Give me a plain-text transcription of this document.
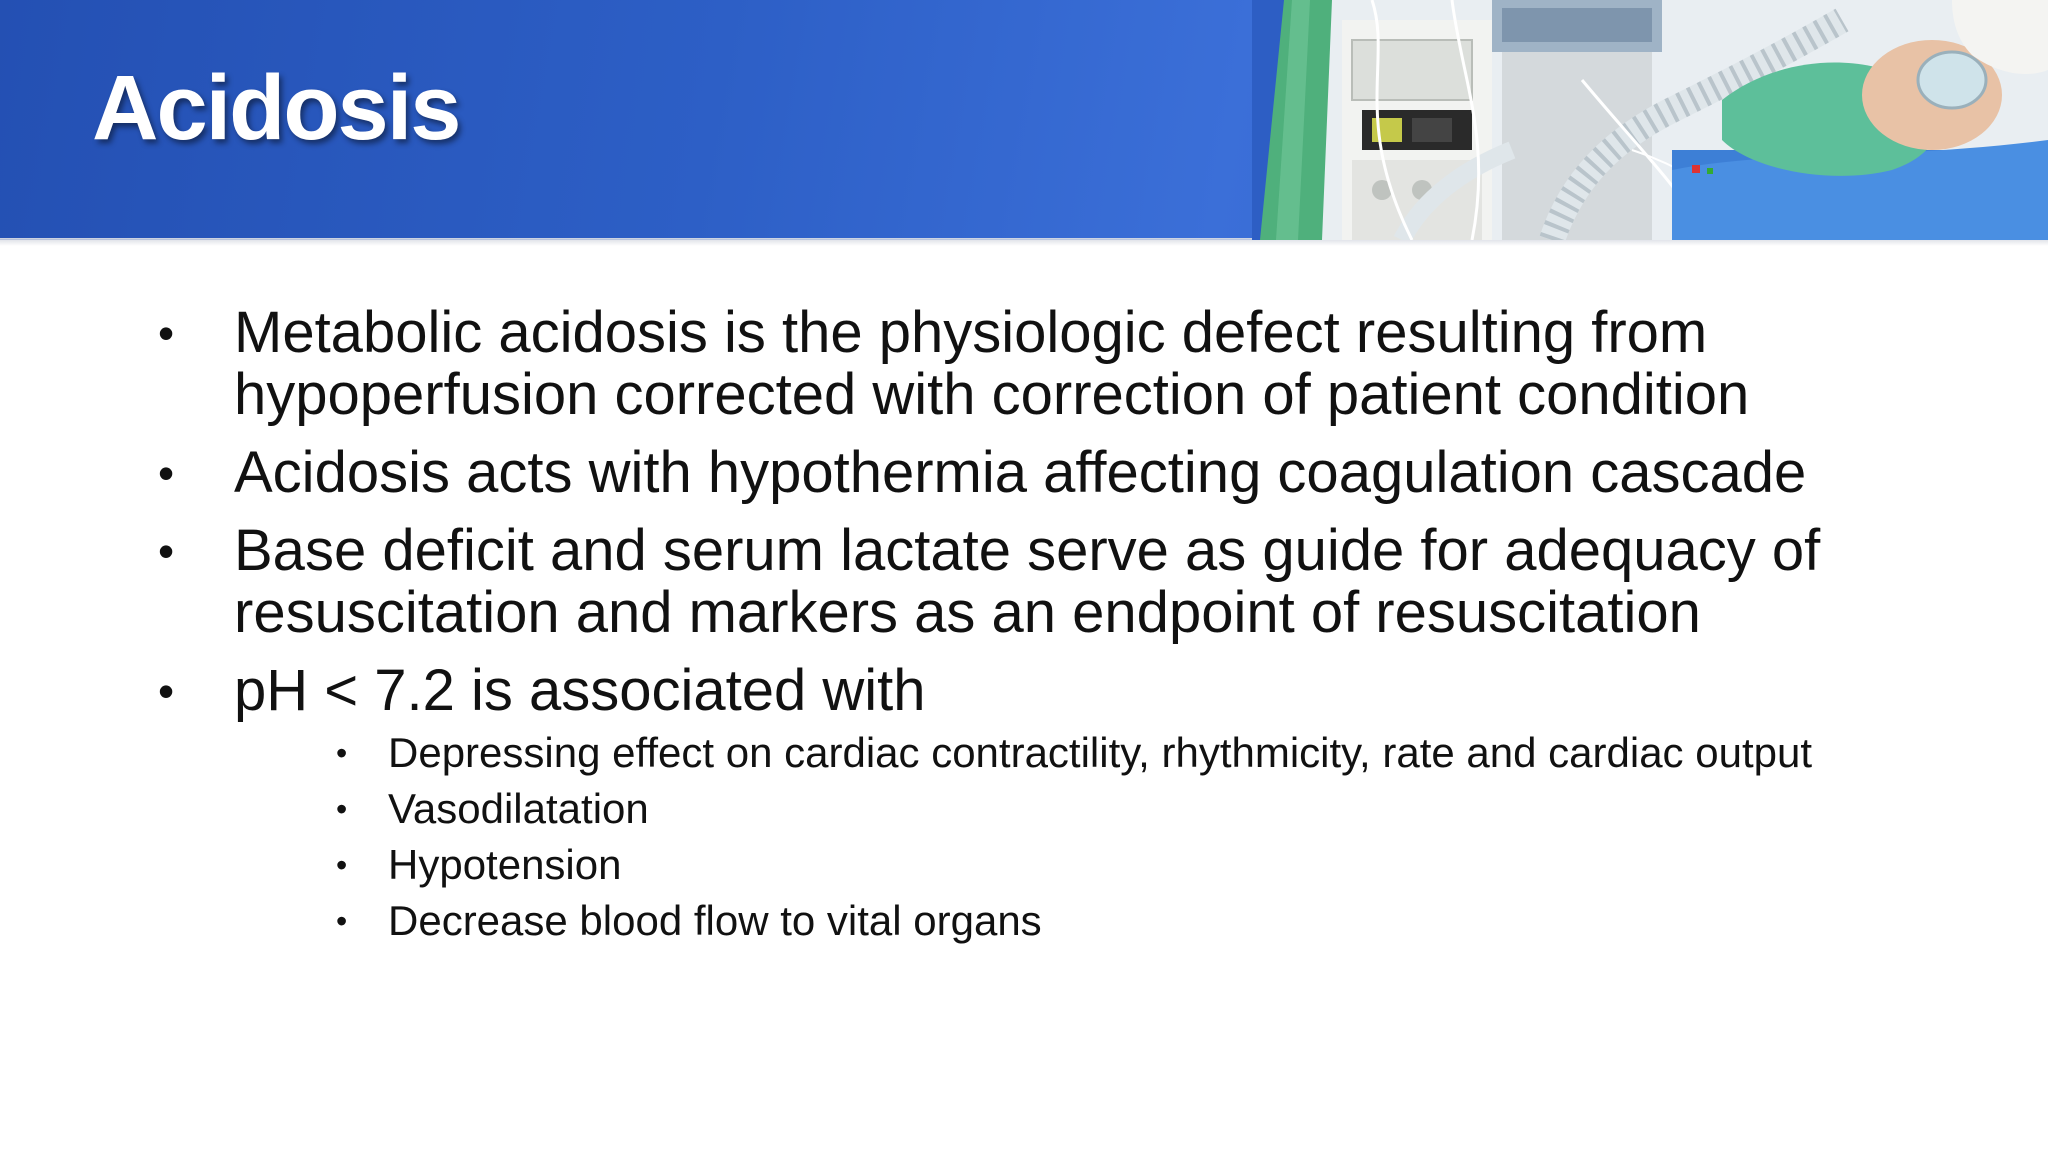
Acidosis
• Metabolic acidosis is the physiologic defect resulting from hypoperfusion corrected with correction of patient condition
• Acidosis acts with hypothermia affecting coagulation cascade
• Base deficit and serum lactate serve as guide for adequacy of resuscitation and markers as an endpoint of resuscitation
• pH < 7.2 is associated with
• Depressing effect on cardiac contractility, rhythmicity, rate and cardiac output
• Vasodilatation
• Hypotension
• Decrease blood flow to vital organs
